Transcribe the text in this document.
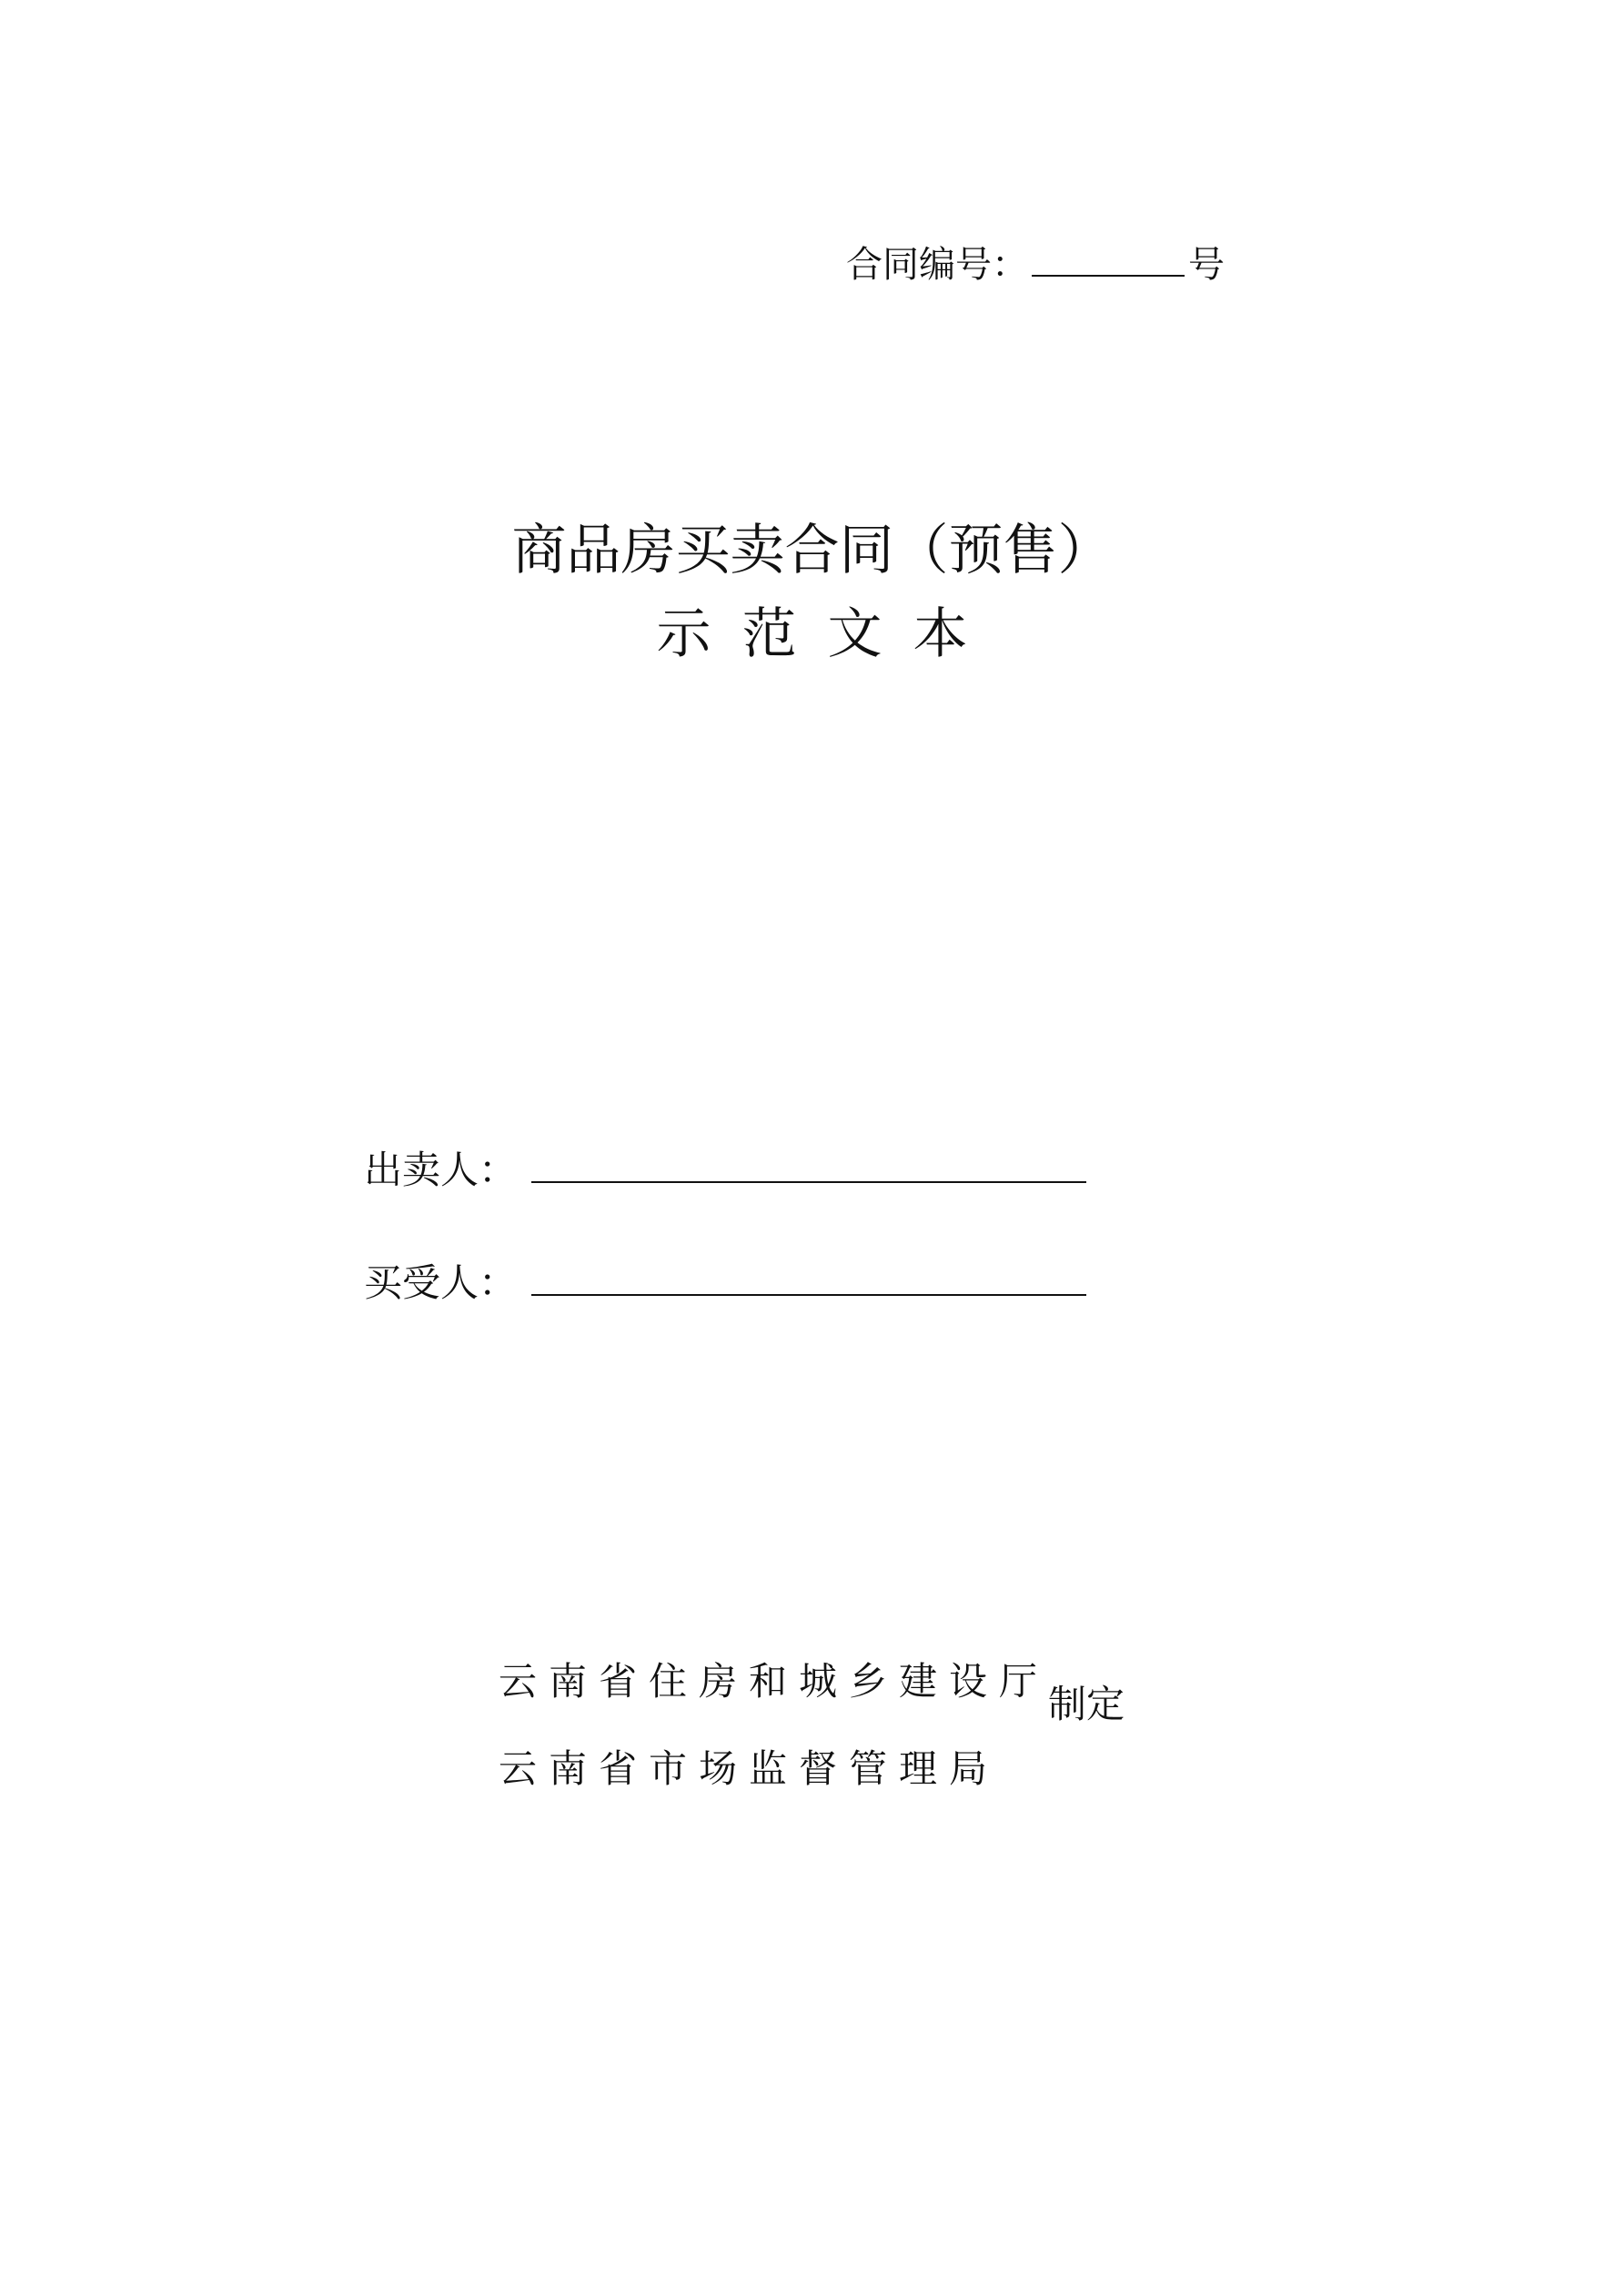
合同编号：	号
商品房买卖合同（预售）
示范文本
出卖人：
买受人：
云南省住房和城乡建设厅
云南省市场监督管理局
制定
